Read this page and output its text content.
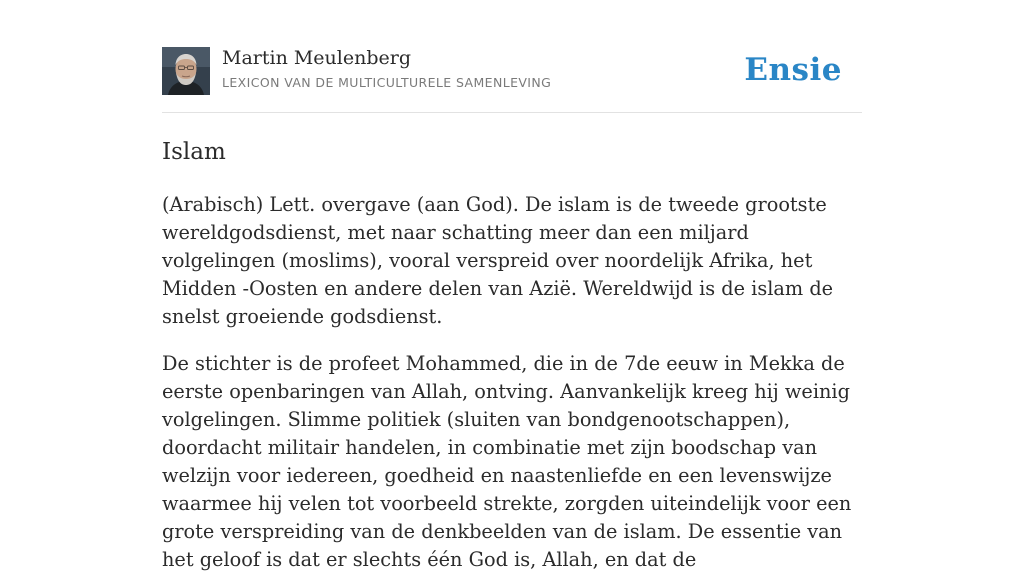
Martin Meulenberg
LEXICON VAN DE MULTICULTURELE SAMENLEVING	Ensie
Islam

(Arabisch) Lett. overgave (aan God). De islam is de tweede grootste wereldgodsdienst, met naar schatting meer dan een miljard volgelingen (moslims), vooral verspreid over noordelijk Afrika, het Midden -Oosten en andere delen van Azië. Wereldwijd is de islam de snelst groeiende godsdienst.

De stichter is de profeet Mohammed, die in de 7de eeuw in Mekka de eerste openbaringen van Allah, ontving. Aanvankelijk kreeg hij weinig volgelingen. Slimme politiek (sluiten van bondgenootschappen), doordacht militair handelen, in combinatie met zijn boodschap van welzijn voor iedereen, goedheid en naastenliefde en een levenswijze waarmee hij velen tot voorbeeld strekte, zorgden uiteindelijk voor een grote verspreiding van de denkbeelden van de islam. De essentie van het geloof is dat er slechts één God is, Allah, en dat de
